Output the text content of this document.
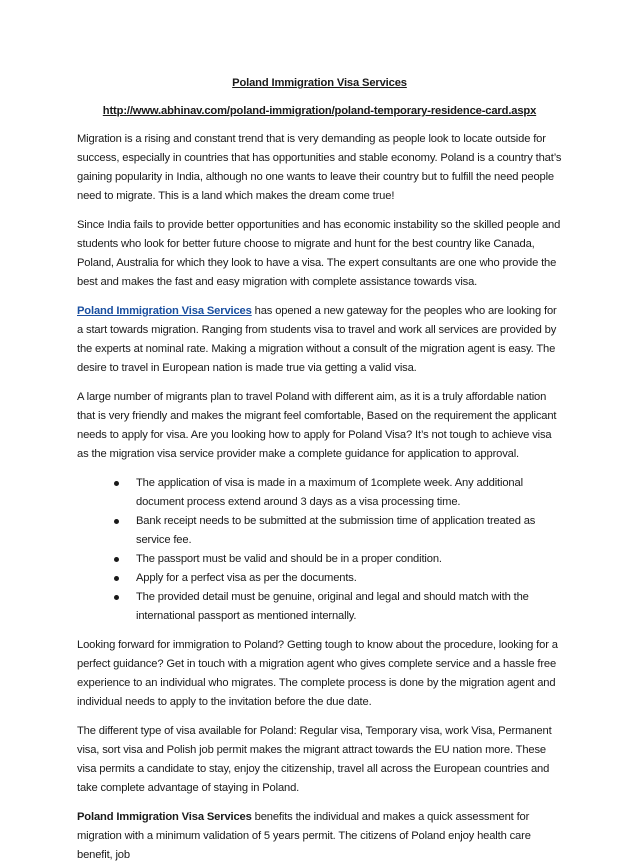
Poland Immigration Visa Services
http://www.abhinav.com/poland-immigration/poland-temporary-residence-card.aspx

Migration is a rising and constant trend that is very demanding as people look to locate outside for success, especially in countries that has opportunities and stable economy. Poland is a country that’s gaining popularity in India, although no one wants to leave their country but to fulfill the need people need to migrate. This is a land which makes the dream come true!

Since India fails to provide better opportunities and has economic instability so the skilled people and students who look for better future choose to migrate and hunt for the best country like Canada, Poland, Australia for which they look to have a visa. The expert consultants are one who provide the best and makes the fast and easy migration with complete assistance towards visa.

Poland Immigration Visa Services has opened a new gateway for the peoples who are looking for a start towards migration. Ranging from students visa to travel and work all services are provided by the experts at nominal rate. Making a migration without a consult of the migration agent is easy. The desire to travel in European nation is made true via getting a valid visa.

A large number of migrants plan to travel Poland with different aim, as it is a truly affordable nation that is very friendly and makes the migrant feel comfortable, Based on the requirement the applicant needs to apply for visa. Are you looking how to apply for Poland Visa? It’s not tough to achieve visa as the migration visa service provider make a complete guidance for application to approval.

The application of visa is made in a maximum of 1complete week. Any additional document process extend around 3 days as a visa processing time.
Bank receipt needs to be submitted at the submission time of application treated as service fee.
The passport must be valid and should be in a proper condition.
Apply for a perfect visa as per the documents.
The provided detail must be genuine, original and legal and should match with the international passport as mentioned internally.

Looking forward for immigration to Poland? Getting tough to know about the procedure, looking for a perfect guidance? Get in touch with a migration agent who gives complete service and a hassle free experience to an individual who migrates. The complete process is done by the migration agent and individual needs to apply to the invitation before the due date.

The different type of visa available for Poland: Regular visa, Temporary visa, work Visa, Permanent visa, sort visa and Polish job permit makes the migrant attract towards the EU nation more. These visa permits a candidate to stay, enjoy the citizenship, travel all across the European countries and take complete advantage of staying in Poland.

Poland Immigration Visa Services benefits the individual and makes a quick assessment for migration with a minimum validation of 5 years permit. The citizens of Poland enjoy health care benefit, job
